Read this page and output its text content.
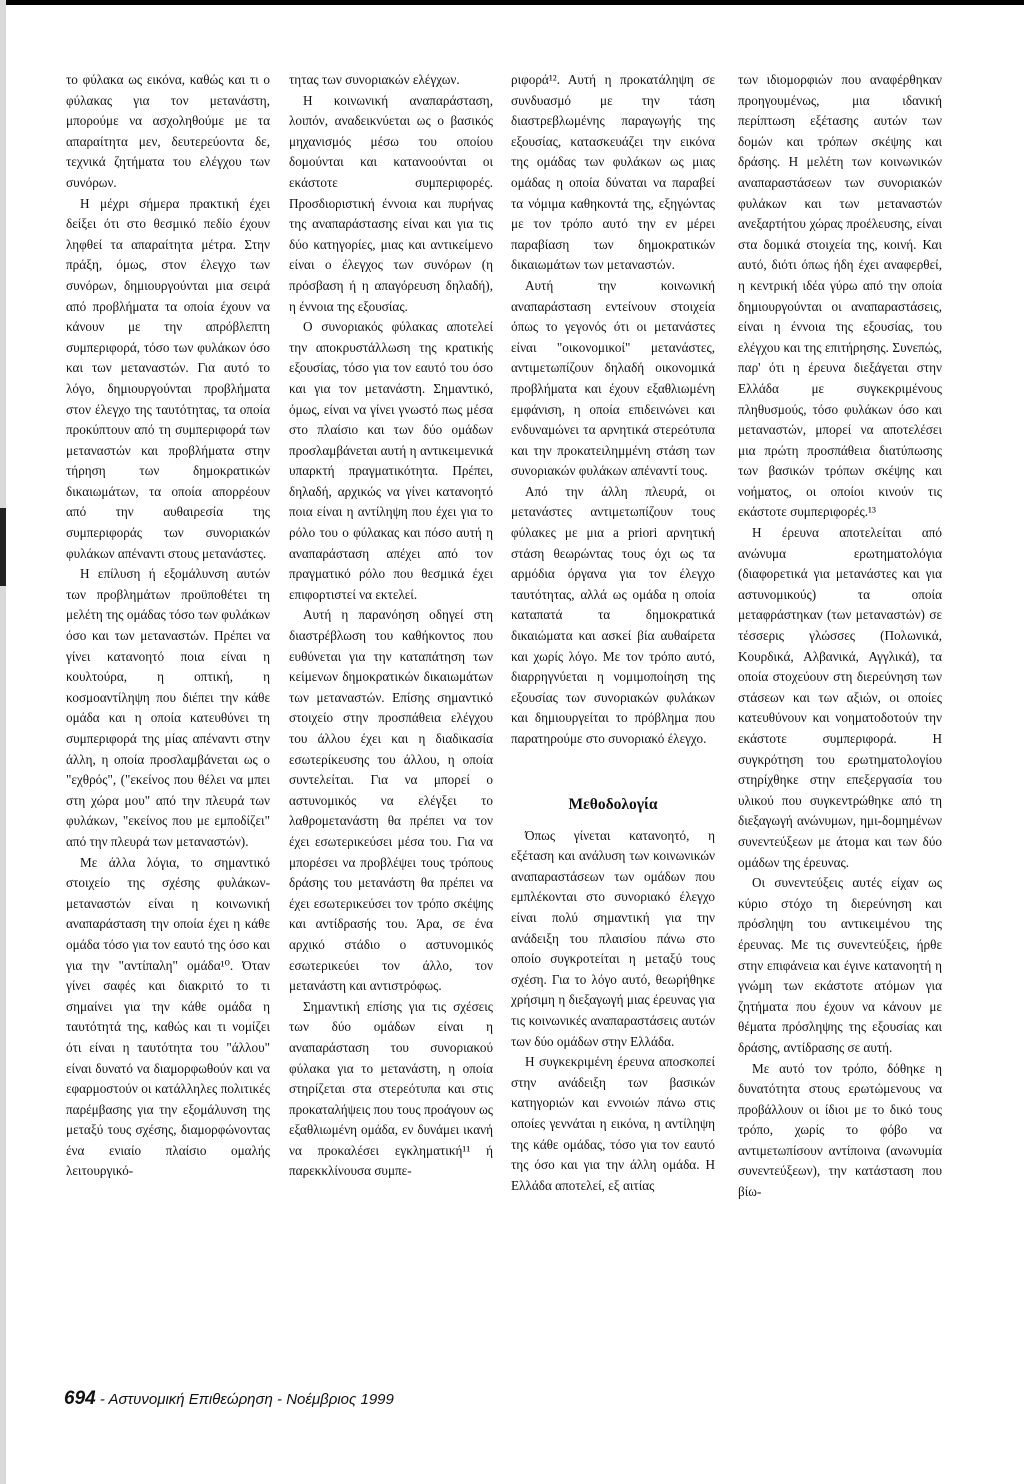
το φύλακα ως εικόνα, καθώς και τι ο φύλακας για τον μετανάστη, μπορούμε να ασχοληθούμε με τα απαραίτητα μεν, δευτερεύοντα δε, τεχνικά ζητήματα του ελέγχου των συνόρων.

Η μέχρι σήμερα πρακτική έχει δείξει ότι στο θεσμικό πεδίο έχουν ληφθεί τα απαραίτητα μέτρα. Στην πράξη, όμως, στον έλεγχο των συνόρων, δημιουργούνται μια σειρά από προβλήματα τα οποία έχουν να κάνουν με την απρόβλεπτη συμπεριφορά, τόσο των φυλάκων όσο και των μεταναστών. Για αυτό το λόγο, δημιουργούνται προβλήματα στον έλεγχο της ταυτότητας, τα οποία προκύπτουν από τη συμπεριφορά των μεταναστών και προβλήματα στην τήρηση των δημοκρατικών δικαιωμάτων, τα οποία απορρέουν από την αυθαιρεσία της συμπεριφοράς των συνοριακών φυλάκων απέναντι στους μετανάστες.

Η επίλυση ή εξομάλυνση αυτών των προβλημάτων προϋποθέτει τη μελέτη της ομάδας τόσο των φυλάκων όσο και των μεταναστών. Πρέπει να γίνει κατανοητό ποια είναι η κουλτούρα, η οπτική, η κοσμοαντίληψη που διέπει την κάθε ομάδα και η οποία κατευθύνει τη συμπεριφορά της μίας απέναντι στην άλλη, η οποία προσλαμβάνεται ως ο "εχθρός", ("εκείνος που θέλει να μπει στη χώρα μου" από την πλευρά των φυλάκων, "εκείνος που με εμποδίζει" από την πλευρά των μεταναστών).

Με άλλα λόγια, το σημαντικό στοιχείο της σχέσης φυλάκων-μεταναστών είναι η κοινωνική αναπαράσταση την οποία έχει η κάθε ομάδα τόσο για τον εαυτό της όσο και για την "αντίπαλη" ομάδα¹⁰. Όταν γίνει σαφές και διακριτό το τι σημαίνει για την κάθε ομάδα η ταυτότητά της, καθώς και τι νομίζει ότι είναι η ταυτότητα του "άλλου" είναι δυνατό να διαμορφωθούν και να εφαρμοστούν οι κατάλληλες πολιτικές παρέμβασης για την εξομάλυνση της μεταξύ τους σχέσης, διαμορφώνοντας ένα ενιαίο πλαίσιο ομαλής λειτουργικό-

τητας των συνοριακών ελέγχων.

Η κοινωνική αναπαράσταση, λοιπόν, αναδεικνύεται ως ο βασικός μηχανισμός μέσω του οποίου δομούνται και κατανοούνται οι εκάστοτε συμπεριφορές. Προσδιοριστική έννοια και πυρήνας της αναπαράστασης είναι και για τις δύο κατηγορίες, μιας και αντικείμενο είναι ο έλεγχος των συνόρων (η πρόσβαση ή η απαγόρευση δηλαδή), η έννοια της εξουσίας.

Ο συνοριακός φύλακας αποτελεί την αποκρυστάλλωση της κρατικής εξουσίας, τόσο για τον εαυτό του όσο και για τον μετανάστη. Σημαντικό, όμως, είναι να γίνει γνωστό πως μέσα στο πλαίσιο και των δύο ομάδων προσλαμβάνεται αυτή η αντικειμενικά υπαρκτή πραγματικότητα. Πρέπει, δηλαδή, αρχικώς να γίνει κατανοητό ποια είναι η αντίληψη που έχει για το ρόλο του ο φύλακας και πόσο αυτή η αναπαράσταση απέχει από τον πραγματικό ρόλο που θεσμικά έχει επιφορτιστεί να εκτελεί.

Αυτή η παρανόηση οδηγεί στη διαστρέβλωση του καθήκοντος που ευθύνεται για την καταπάτηση των κείμενων δημοκρατικών δικαιωμάτων των μεταναστών. Επίσης σημαντικό στοιχείο στην προσπάθεια ελέγχου του άλλου έχει και η διαδικασία εσωτερίκευσης του άλλου, η οποία συντελείται. Για να μπορεί ο αστυνομικός να ελέγξει το λαθρομετανάστη θα πρέπει να τον έχει εσωτερικεύσει μέσα του. Για να μπορέσει να προβλέψει τους τρόπους δράσης του μετανάστη θα πρέπει να έχει εσωτερικεύσει τον τρόπο σκέψης και αντίδρασής του. Άρα, σε ένα αρχικό στάδιο ο αστυνομικός εσωτερικεύει τον άλλο, τον μετανάστη και αντιστρόφως.

Σημαντική επίσης για τις σχέσεις των δύο ομάδων είναι η αναπαράσταση του συνοριακού φύλακα για το μετανάστη, η οποία στηρίζεται στα στερεότυπα και στις προκαταλήψεις που τους προάγουν ως εξαθλιωμένη ομάδα, εν δυνάμει ικανή να προκαλέσει εγκληματική¹¹ ή παρεκκλίνουσα συμπε-

ριφορά¹². Αυτή η προκατάληψη σε συνδυασμό με την τάση διαστρεβλωμένης παραγωγής της εξουσίας, κατασκευάζει την εικόνα της ομάδας των φυλάκων ως μιας ομάδας η οποία δύναται να παραβεί τα νόμιμα καθηκοντά της, εξηγώντας με τον τρόπο αυτό την εν μέρει παραβίαση των δημοκρατικών δικαιωμάτων των μεταναστών.

Αυτή την κοινωνική αναπαράσταση εντείνουν στοιχεία όπως το γεγονός ότι οι μετανάστες είναι "οικονομικοί" μετανάστες, αντιμετωπίζουν δηλαδή οικονομικά προβλήματα και έχουν εξαθλιωμένη εμφάνιση, η οποία επιδεινώνει και ενδυναμώνει τα αρνητικά στερεότυπα και την προκατειλημμένη στάση των συνοριακών φυλάκων απέναντί τους.

Από την άλλη πλευρά, οι μετανάστες αντιμετωπίζουν τους φύλακες με μια a priori αρνητική στάση θεωρώντας τους όχι ως τα αρμόδια όργανα για τον έλεγχο ταυτότητας, αλλά ως ομάδα η οποία καταπατά τα δημοκρατικά δικαιώματα και ασκεί βία αυθαίρετα και χωρίς λόγο. Με τον τρόπο αυτό, διαρρηγνύεται η νομιμοποίηση της εξουσίας των συνοριακών φυλάκων και δημιουργείται το πρόβλημα που παρατηρούμε στο συνοριακό έλεγχο.

Μεθοδολογία

Όπως γίνεται κατανοητό, η εξέταση και ανάλυση των κοινωνικών αναπαραστάσεων των ομάδων που εμπλέκονται στο συνοριακό έλεγχο είναι πολύ σημαντική για την ανάδειξη του πλαισίου πάνω στο οποίο συγκροτείται η μεταξύ τους σχέση. Για το λόγο αυτό, θεωρήθηκε χρήσιμη η διεξαγωγή μιας έρευνας για τις κοινωνικές αναπαραστάσεις αυτών των δύο ομάδων στην Ελλάδα.

Η συγκεκριμένη έρευνα αποσκοπεί στην ανάδειξη των βασικών κατηγοριών και εννοιών πάνω στις οποίες γεννάται η εικόνα, η αντίληψη της κάθε ομάδας, τόσο για τον εαυτό της όσο και για την άλλη ομάδα. Η Ελλάδα αποτελεί, εξ αιτίας

των ιδιομορφιών που αναφέρθηκαν προηγουμένως, μια ιδανική περίπτωση εξέτασης αυτών των δομών και τρόπων σκέψης και δράσης. Η μελέτη των κοινωνικών αναπαραστάσεων των συνοριακών φυλάκων και των μεταναστών ανεξαρτήτου χώρας προέλευσης, είναι στα δομικά στοιχεία της, κοινή. Και αυτό, διότι όπως ήδη έχει αναφερθεί, η κεντρική ιδέα γύρω από την οποία δημιουργούνται οι αναπαραστάσεις, είναι η έννοια της εξουσίας, του ελέγχου και της επιτήρησης. Συνεπώς, παρ' ότι η έρευνα διεξάγεται στην Ελλάδα με συγκεκριμένους πληθυσμούς, τόσο φυλάκων όσο και μεταναστών, μπορεί να αποτελέσει μια πρώτη προσπάθεια διατύπωσης των βασικών τρόπων σκέψης και νοήματος, οι οποίοι κινούν τις εκάστοτε συμπεριφορές.¹³

Η έρευνα αποτελείται από ανώνυμα ερωτηματολόγια (διαφορετικά για μετανάστες και για αστυνομικούς) τα οποία μεταφράστηκαν (των μεταναστών) σε τέσσερις γλώσσες (Πολωνικά, Κουρδικά, Αλβανικά, Αγγλικά), τα οποία στοχεύουν στη διερεύνηση των στάσεων και των αξιών, οι οποίες κατευθύνουν και νοηματοδοτούν την εκάστοτε συμπεριφορά. Η συγκρότηση του ερωτηματολογίου στηρίχθηκε στην επεξεργασία του υλικού που συγκεντρώθηκε από τη διεξαγωγή ανώνυμων, ημι-δομημένων συνεντεύξεων με άτομα και των δύο ομάδων της έρευνας.

Οι συνεντεύξεις αυτές είχαν ως κύριο στόχο τη διερεύνηση και πρόσληψη του αντικειμένου της έρευνας. Με τις συνεντεύξεις, ήρθε στην επιφάνεια και έγινε κατανοητή η γνώμη των εκάστοτε ατόμων για ζητήματα που έχουν να κάνουν με θέματα πρόσληψης της εξουσίας και δράσης, αντίδρασης σε αυτή.

Με αυτό τον τρόπο, δόθηκε η δυνατότητα στους ερωτώμενους να προβάλλουν οι ίδιοι με το δικό τους τρόπο, χωρίς το φόβο να αντιμετωπίσουν αντίποινα (ανωνυμία συνεντεύξεων), την κατάσταση που βίω-

694 - Αστυνομική Επιθεώρηση - Νοέμβριος 1999
